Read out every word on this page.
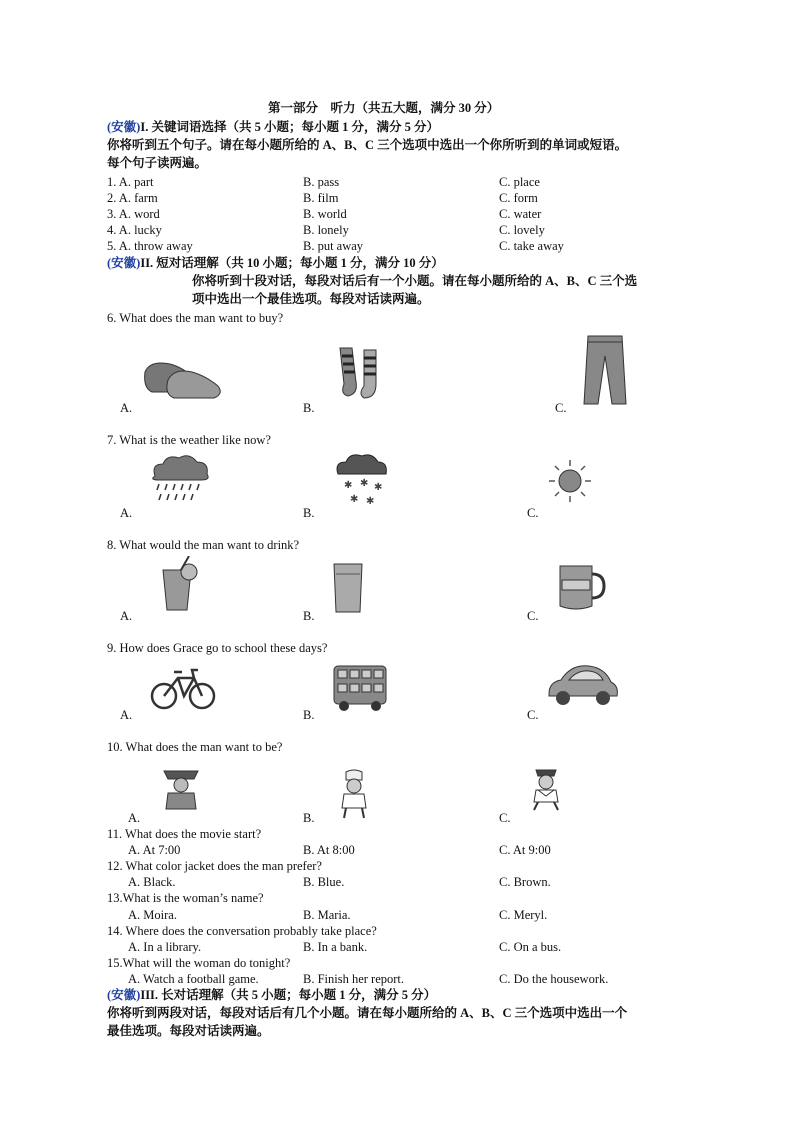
第一部分　听力（共五大题，满分 30 分）
(安徽)I. 关键词语选择（共 5 小题；每小题 1 分，满分 5 分）
你将听到五个句子。请在每小题所给的 A、B、C 三个选项中选出一个你所听到的单词或短语。
每个句子读两遍。
1. A. part	B. pass	C. place
2. A. farm	B. film	C. form
3. A. word	B. world	C. water
4. A. lucky	B. lonely	C. lovely
5. A. throw away	B. put away	C. take away
(安徽)II. 短对话理解（共 10 小题；每小题 1 分，满分 10 分）
你将听到十段对话，每段对话后有一个小题。请在每小题所给的 A、B、C 三个选
项中选出一个最佳选项。每段对话读两遍。
6. What does the man want to buy?
A.	B.	C.
7. What is the weather like now?
✱ ✱ ✱
✱ ✱
A.	B.	C.
8. What would the man want to drink?
A.	B.	C.
9. How does Grace go to school these days?
A.	B.	C.
10. What does the man want to be?
A.	B.	C.
11. What does the movie start?
A. At 7:00	B. At 8:00	C. At 9:00
12. What color jacket does the man prefer?
A. Black.	B. Blue.	C. Brown.
13.What is the woman’s name?
A. Moira.	B. Maria.	C. Meryl.
14. Where does the conversation probably take place?
A. In a library.	B. In a bank.	C. On a bus.
15.What will the woman do tonight?
A. Watch a football game.	B. Finish her report.	C. Do the housework.
(安徽)III. 长对话理解（共 5 小题；每小题 1 分，满分 5 分）
你将听到两段对话，每段对话后有几个小题。请在每小题所给的 A、B、C 三个选项中选出一个
最佳选项。每段对话读两遍。
